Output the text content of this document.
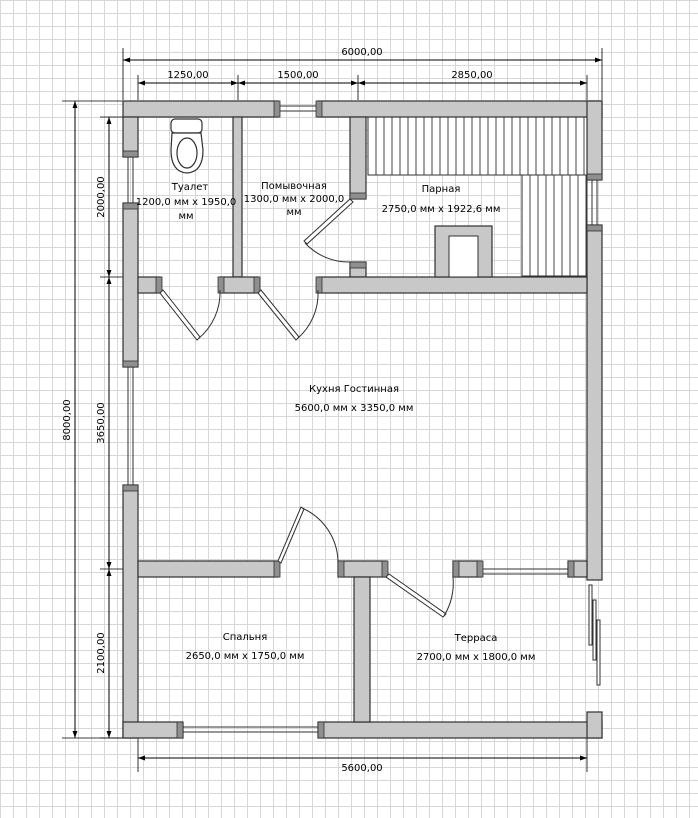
6000,00
1250,00	1500,00	2850,00
5600,00
8000,00
2000,00
3650,00
2100,00
Туалет
1200,0 мм x 1950,0
мм
Помывочная
1300,0 мм x 2000,0
мм
Парная
2750,0 мм x 1922,6 мм
Кухня Гостинная
5600,0 мм x 3350,0 мм
Спальня
2650,0 мм x 1750,0 мм
Терраса
2700,0 мм x 1800,0 мм
